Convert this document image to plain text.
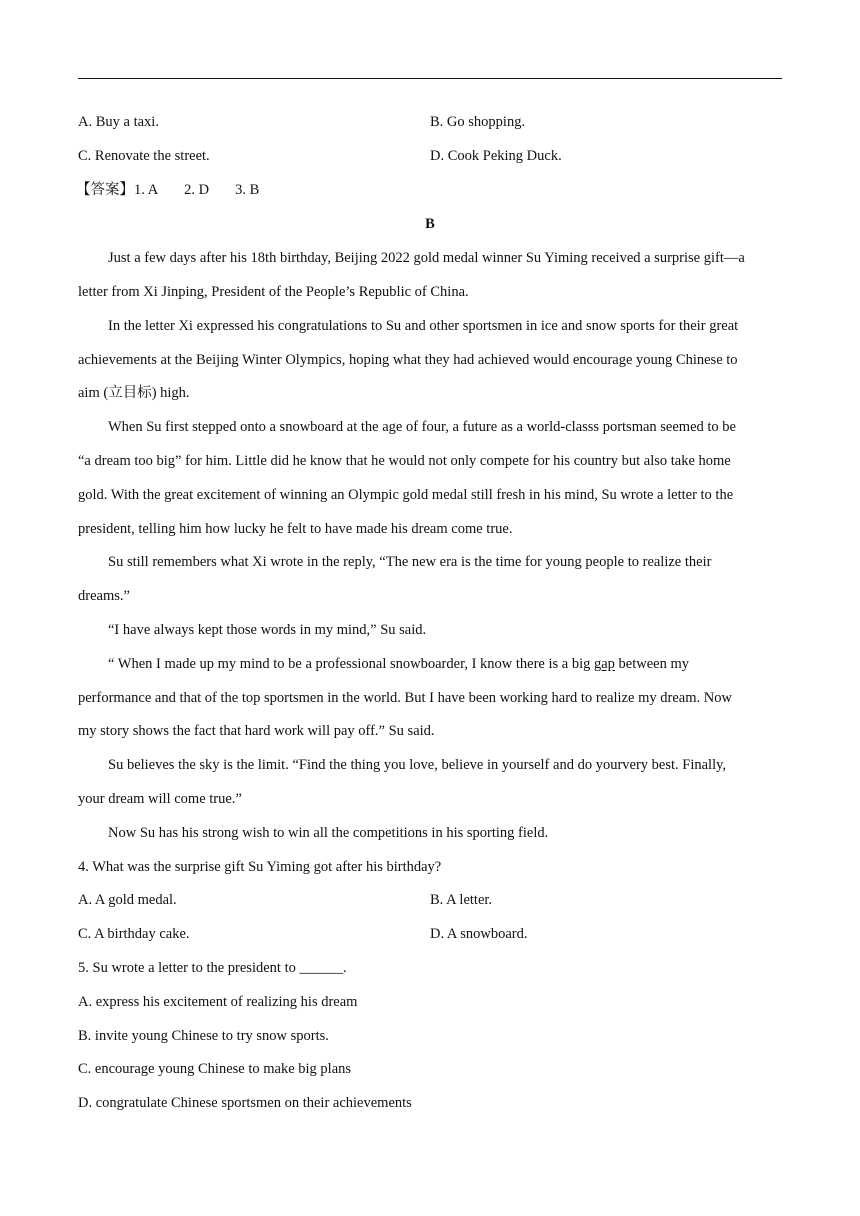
A. Buy a taxi.	B. Go shopping.
C. Renovate the street.	D. Cook Peking Duck.
【答案】1. A 2. D 3. B
B
Just a few days after his 18th birthday, Beijing 2022 gold medal winner Su Yiming received a surprise gift—a
letter from Xi Jinping, President of the People’s Republic of China.
In the letter Xi expressed his congratulations to Su and other sportsmen in ice and snow sports for their great
achievements at the Beijing Winter Olympics, hoping what they had achieved would encourage young Chinese to
aim (立目标) high.
When Su first stepped onto a snowboard at the age of four, a future as a world-classs portsman seemed to be
“a dream too big” for him. Little did he know that he would not only compete for his country but also take home
gold. With the great excitement of winning an Olympic gold medal still fresh in his mind, Su wrote a letter to the
president, telling him how lucky he felt to have made his dream come true.
Su still remembers what Xi wrote in the reply, “The new era is the time for young people to realize their
dreams.”
“I have always kept those words in my mind,” Su said.
“ When I made up my mind to be a professional snowboarder, I know there is a big gap between my
performance and that of the top sportsmen in the world. But I have been working hard to realize my dream. Now
my story shows the fact that hard work will pay off.” Su said.
Su believes the sky is the limit. “Find the thing you love, believe in yourself and do yourvery best. Finally,
your dream will come true.”
Now Su has his strong wish to win all the competitions in his sporting field.
4. What was the surprise gift Su Yiming got after his birthday?
A. A gold medal.	B. A letter.
C. A birthday cake.	D. A snowboard.
5. Su wrote a letter to the president to ______.
A. express his excitement of realizing his dream
B. invite young Chinese to try snow sports.
C. encourage young Chinese to make big plans
D. congratulate Chinese sportsmen on their achievements
